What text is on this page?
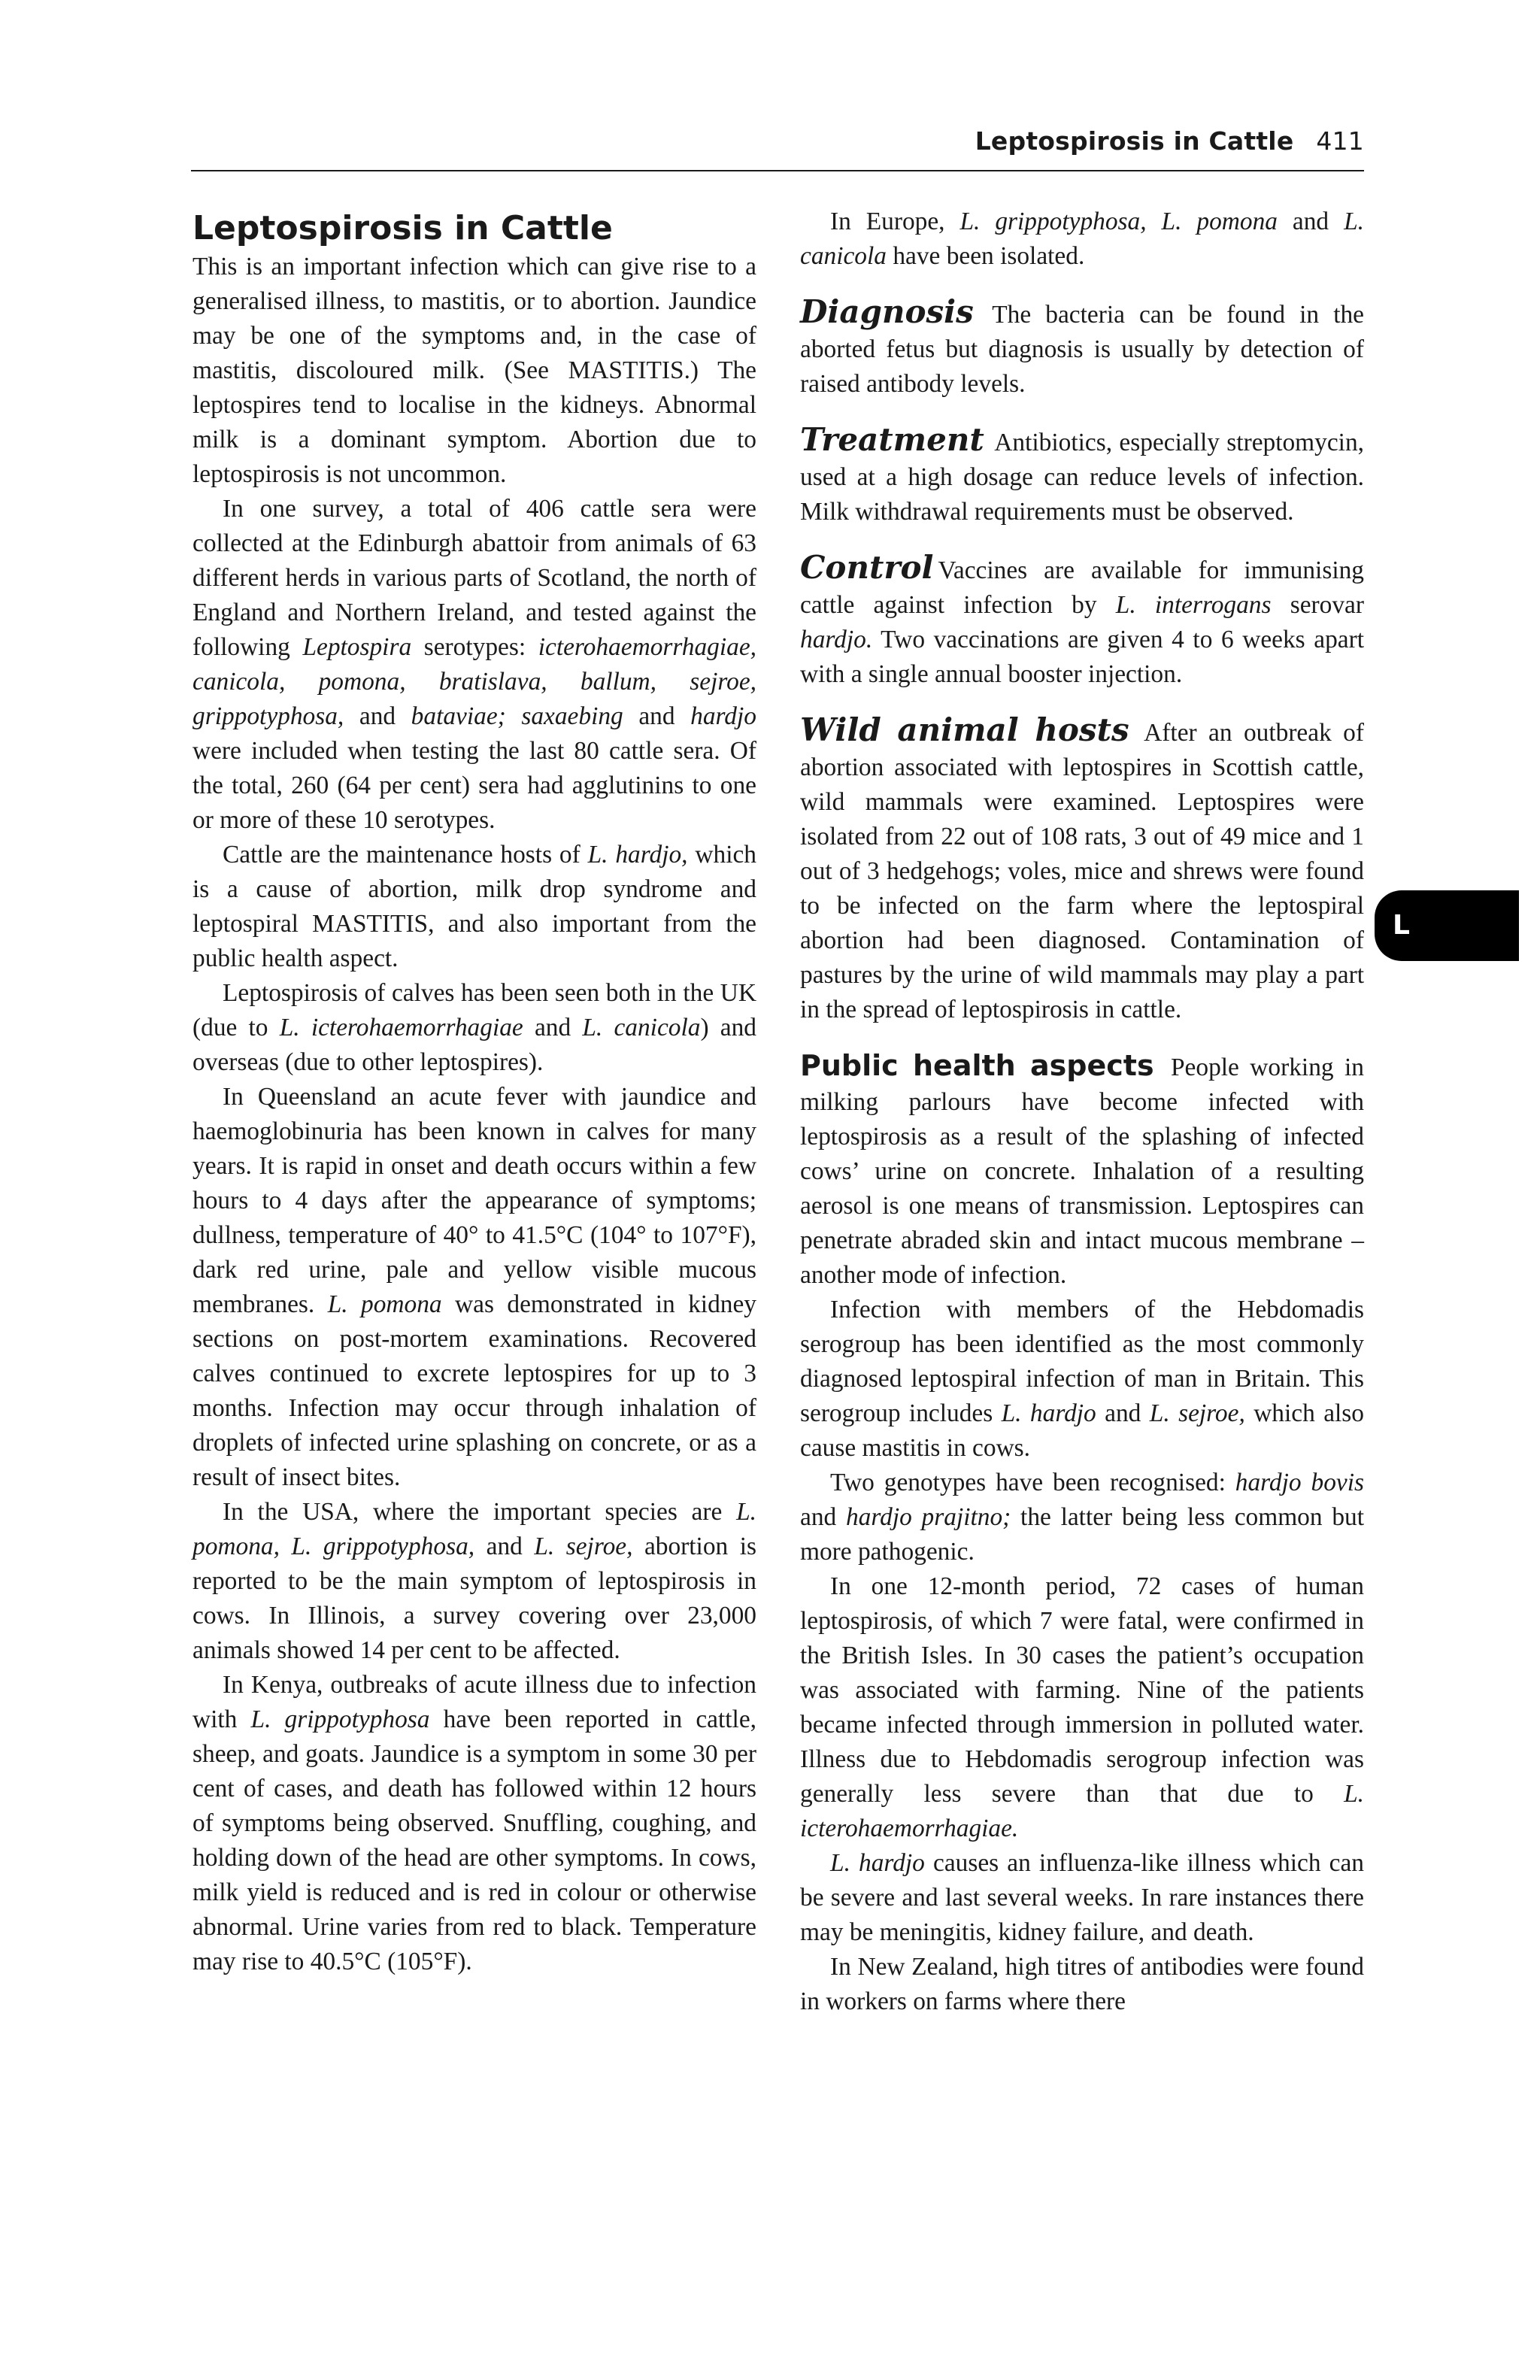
Leptospirosis in Cattle 411
Leptospirosis in Cattle

This is an important infection which can give rise to a generalised illness, to mastitis, or to abortion. Jaundice may be one of the symptoms and, in the case of mastitis, discoloured milk. (See MASTITIS.) The leptospires tend to localise in the kidneys. Abnormal milk is a dominant symptom. Abortion due to leptospirosis is not uncommon.

In one survey, a total of 406 cattle sera were collected at the Edinburgh abattoir from animals of 63 different herds in various parts of Scotland, the north of England and Northern Ireland, and tested against the following Leptospira serotypes: icterohaemorrhagiae, canicola, pomona, bratislava, ballum, sejroe, grippotyphosa, and bataviae; saxaebing and hardjo were included when testing the last 80 cattle sera. Of the total, 260 (64 per cent) sera had agglutinins to one or more of these 10 serotypes.

Cattle are the maintenance hosts of L. hardjo, which is a cause of abortion, milk drop syndrome and leptospiral MASTITIS, and also important from the public health aspect.

Leptospirosis of calves has been seen both in the UK (due to L. icterohaemorrhagiae and L. canicola) and overseas (due to other leptospires).

In Queensland an acute fever with jaundice and haemoglobinuria has been known in calves for many years. It is rapid in onset and death occurs within a few hours to 4 days after the appearance of symptoms; dullness, temperature of 40° to 41.5°C (104° to 107°F), dark red urine, pale and yellow visible mucous membranes. L. pomona was demonstrated in kidney sections on post-mortem examinations. Recovered calves continued to excrete leptospires for up to 3 months. Infection may occur through inhalation of droplets of infected urine splashing on concrete, or as a result of insect bites.

In the USA, where the important species are L. pomona, L. grippotyphosa, and L. sejroe, abortion is reported to be the main symptom of leptospirosis in cows. In Illinois, a survey covering over 23,000 animals showed 14 per cent to be affected.

In Kenya, outbreaks of acute illness due to infection with L. grippotyphosa have been reported in cattle, sheep, and goats. Jaundice is a symptom in some 30 per cent of cases, and death has followed within 12 hours of symptoms being observed. Snuffling, coughing, and holding down of the head are other symptoms. In cows, milk yield is reduced and is red in colour or otherwise abnormal. Urine varies from red to black. Temperature may rise to 40.5°C (105°F).

In Europe, L. grippotyphosa, L. pomona and L. canicola have been isolated.

Diagnosis The bacteria can be found in the aborted fetus but diagnosis is usually by detection of raised antibody levels.

Treatment Antibiotics, especially streptomycin, used at a high dosage can reduce levels of infection. Milk withdrawal requirements must be observed.

Control Vaccines are available for immunising cattle against infection by L. interrogans serovar hardjo. Two vaccinations are given 4 to 6 weeks apart with a single annual booster injection.

Wild animal hosts After an outbreak of abortion associated with leptospires in Scottish cattle, wild mammals were examined. Leptospires were isolated from 22 out of 108 rats, 3 out of 49 mice and 1 out of 3 hedgehogs; voles, mice and shrews were found to be infected on the farm where the leptospiral abortion had been diagnosed. Contamination of pastures by the urine of wild mammals may play a part in the spread of leptospirosis in cattle.

Public health aspects People working in milking parlours have become infected with leptospirosis as a result of the splashing of infected cows’ urine on concrete. Inhalation of a resulting aerosol is one means of transmission. Leptospires can penetrate abraded skin and intact mucous membrane – another mode of infection.

Infection with members of the Hebdomadis serogroup has been identified as the most commonly diagnosed leptospiral infection of man in Britain. This serogroup includes L. hardjo and L. sejroe, which also cause mastitis in cows.

Two genotypes have been recognised: hardjo bovis and hardjo prajitno; the latter being less common but more pathogenic.

In one 12-month period, 72 cases of human leptospirosis, of which 7 were fatal, were confirmed in the British Isles. In 30 cases the patient’s occupation was associated with farming. Nine of the patients became infected through immersion in polluted water. Illness due to Hebdomadis serogroup infection was generally less severe than that due to L. icterohaemorrhagiae.

L. hardjo causes an influenza-like illness which can be severe and last several weeks. In rare instances there may be meningitis, kidney failure, and death.

In New Zealand, high titres of antibodies were found in workers on farms where there

L
